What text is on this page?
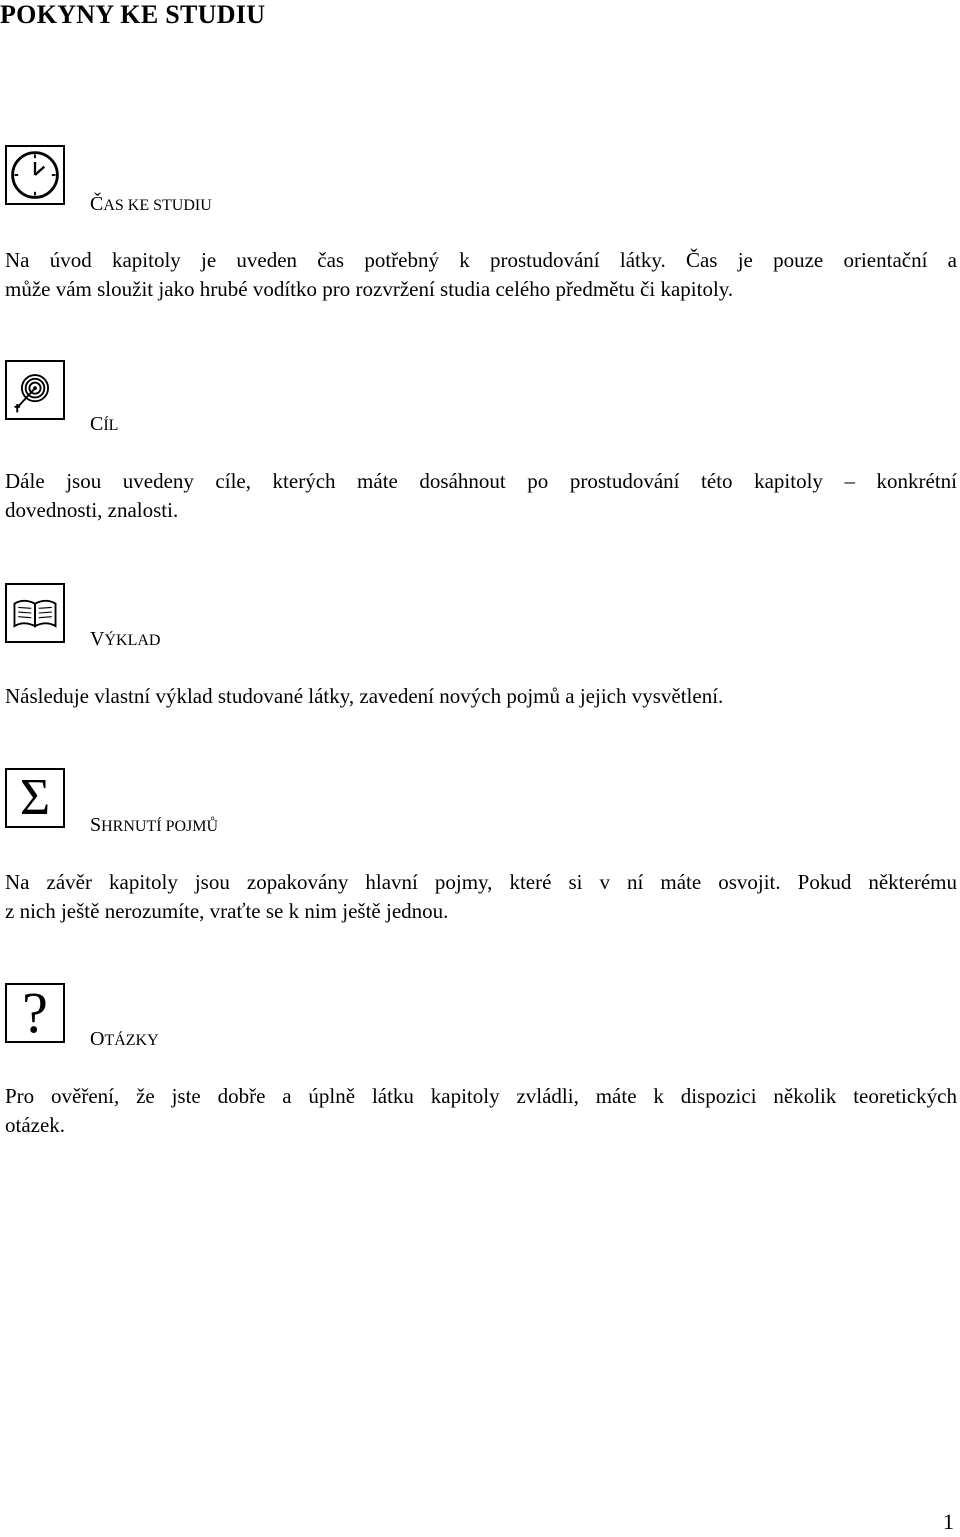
POKYNY KE STUDIU
ČAS KE STUDIU

Na úvod kapitoly je uveden čas potřebný k prostudování látky. Čas je pouze orientační a

může vám sloužit jako hrubé vodítko pro rozvržení studia celého předmětu či kapitoly.

CÍL

Dále jsou uvedeny cíle, kterých máte dosáhnout po prostudování této kapitoly – konkrétní

dovednosti, znalosti.

VÝKLAD

Následuje vlastní výklad studované látky, zavedení nových pojmů a jejich vysvětlení.

Σ SHRNUTÍ POJMŮ

Na závěr kapitoly jsou zopakovány hlavní pojmy, které si v ní máte osvojit. Pokud některému

z nich ještě nerozumíte, vraťte se k nim ještě jednou.

? OTÁZKY

Pro ověření, že jste dobře a úplně látku kapitoly zvládli, máte k dispozici několik teoretických

otázek.

1
